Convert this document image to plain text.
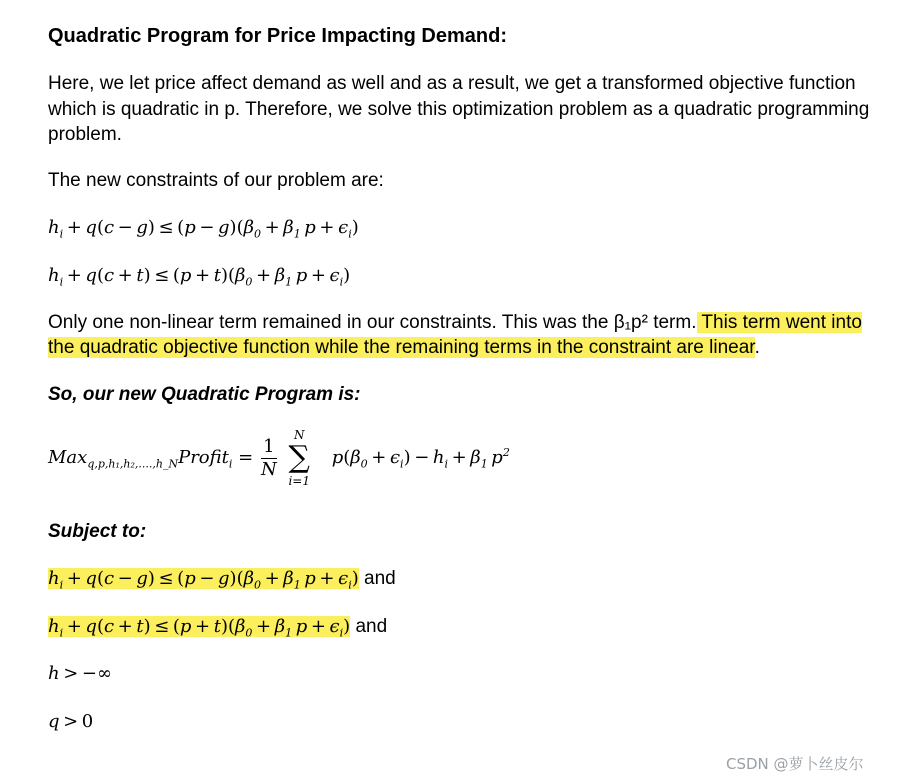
Quadratic Program for Price Impacting Demand:
Here, we let price affect demand as well and as a result, we get a transformed objective function
which is quadratic in p. Therefore, we solve this optimization problem as a quadratic programming
problem.
The new constraints of our problem are:
$h_i + q(c - g) \le (p - g)(\beta_0 + \beta_1$  $p + \epsilon_i$)
$h_i + q(c + t) \le (p + t)(\beta_0 + \beta_1$  $p + \epsilon_i$)
Only one non-linear term remained in our constraints. This was the β₁p² term. This term went into
the quadratic objective function while the remaining terms in the constraint are linear.
So, our new Quadratic Program is:
Max$_{q,p,h_1,h_2,....,h\_N}$Profit$_i$ = $\frac{1}{N}$

N
∑
i=1
$p(\beta_0 + \epsilon_i) - h_i + \beta_1$  $p^2$
Subject to:
$h_i + q(c - g) \le (p - g)(\beta_0 + \beta_1$  $p + \epsilon_i$) and
$h_i + q(c + t) \le (p + t)(\beta_0 + \beta_1$  $p + \epsilon_i$) and
h > −∞
q > 0
CSDN @萝卜丝皮尔
